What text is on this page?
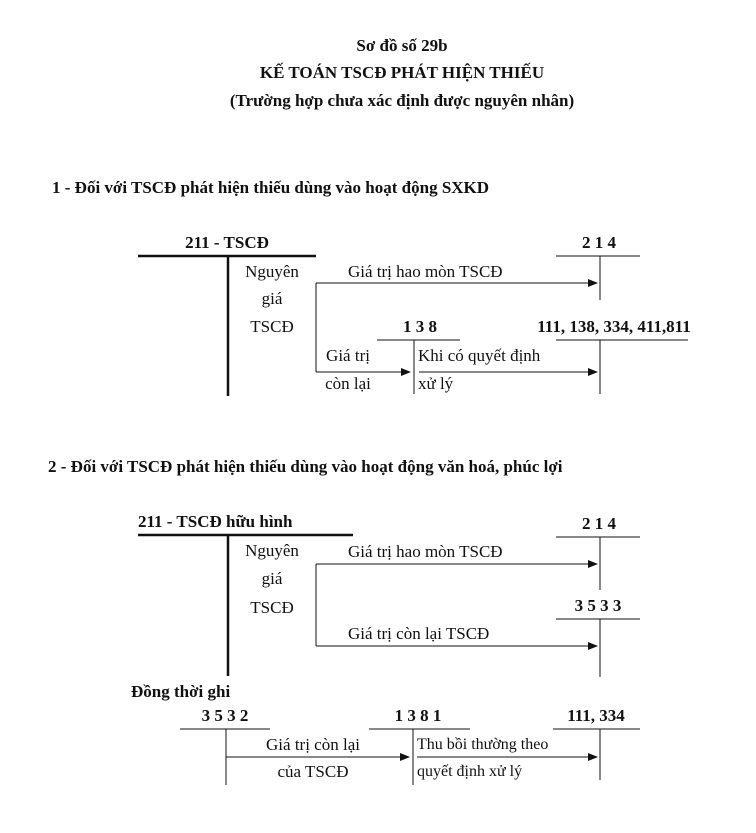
Sơ đồ số 29b
KẾ TOÁN TSCĐ PHÁT HIỆN THIẾU
(Trường hợp chưa xác định được nguyên nhân)
1 - Đối với TSCĐ phát hiện thiếu dùng vào hoạt động SXKD
211 - TSCĐ	2 1 4
Nguyên
giá
TSCĐ
Giá trị hao mòn TSCĐ
1 3 8	111, 138, 334, 411,811
Giá trị
còn lại
Khi có quyết định
xử lý
2 - Đối với TSCĐ phát hiện thiếu dùng vào hoạt động văn hoá, phúc lợi
211 - TSCĐ hữu hình	2 1 4
Nguyên
giá
TSCĐ
Giá trị hao mòn TSCĐ
3 5 3 3
Giá trị còn lại TSCĐ
Đồng thời ghi
3 5 3 2	1 3 8 1	111, 334
Giá trị còn lại
của TSCĐ
Thu bồi thường theo
quyết định xử lý
